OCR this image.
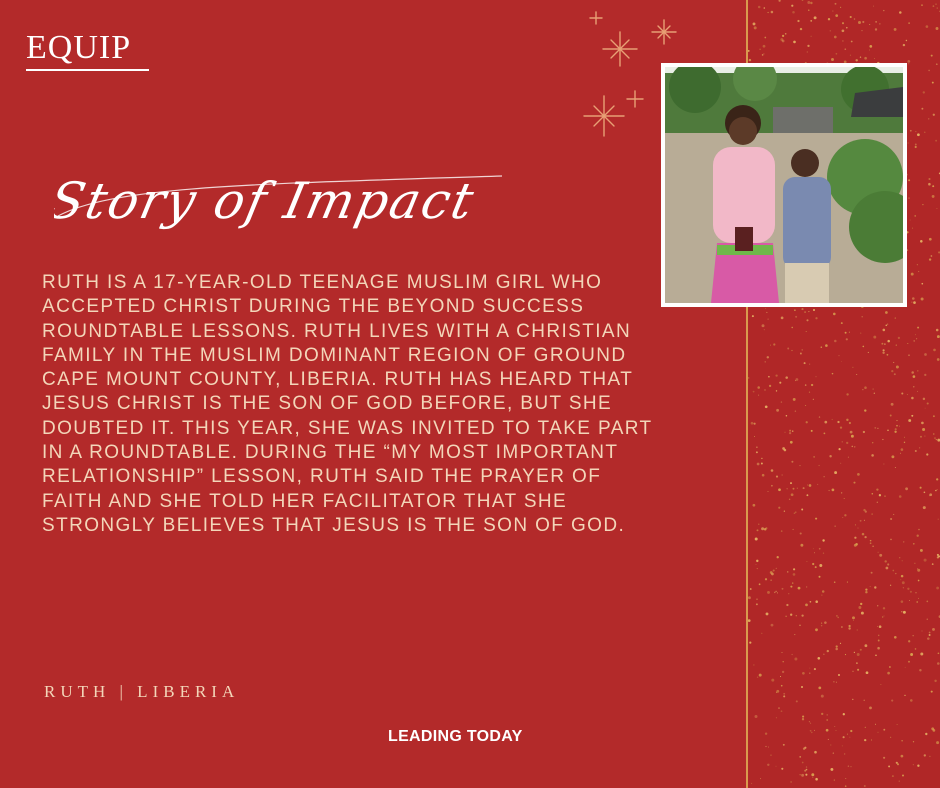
EQUIP
Story of Impact
RUTH IS A 17-YEAR-OLD TEENAGE MUSLIM GIRL WHO ACCEPTED CHRIST DURING THE BEYOND SUCCESS ROUNDTABLE LESSONS. RUTH LIVES WITH A CHRISTIAN FAMILY IN THE MUSLIM DOMINANT REGION OF GROUND CAPE MOUNT COUNTY, LIBERIA. RUTH HAS HEARD THAT JESUS CHRIST IS THE SON OF GOD BEFORE, BUT SHE DOUBTED IT. THIS YEAR, SHE WAS INVITED TO TAKE PART IN A ROUNDTABLE. DURING THE “MY MOST IMPORTANT RELATIONSHIP” LESSON, RUTH SAID THE PRAYER OF FAITH AND SHE TOLD HER FACILITATOR THAT SHE STRONGLY BELIEVES THAT JESUS IS THE SON OF GOD.
RUTH | LIBERIA
LEADING TODAY
